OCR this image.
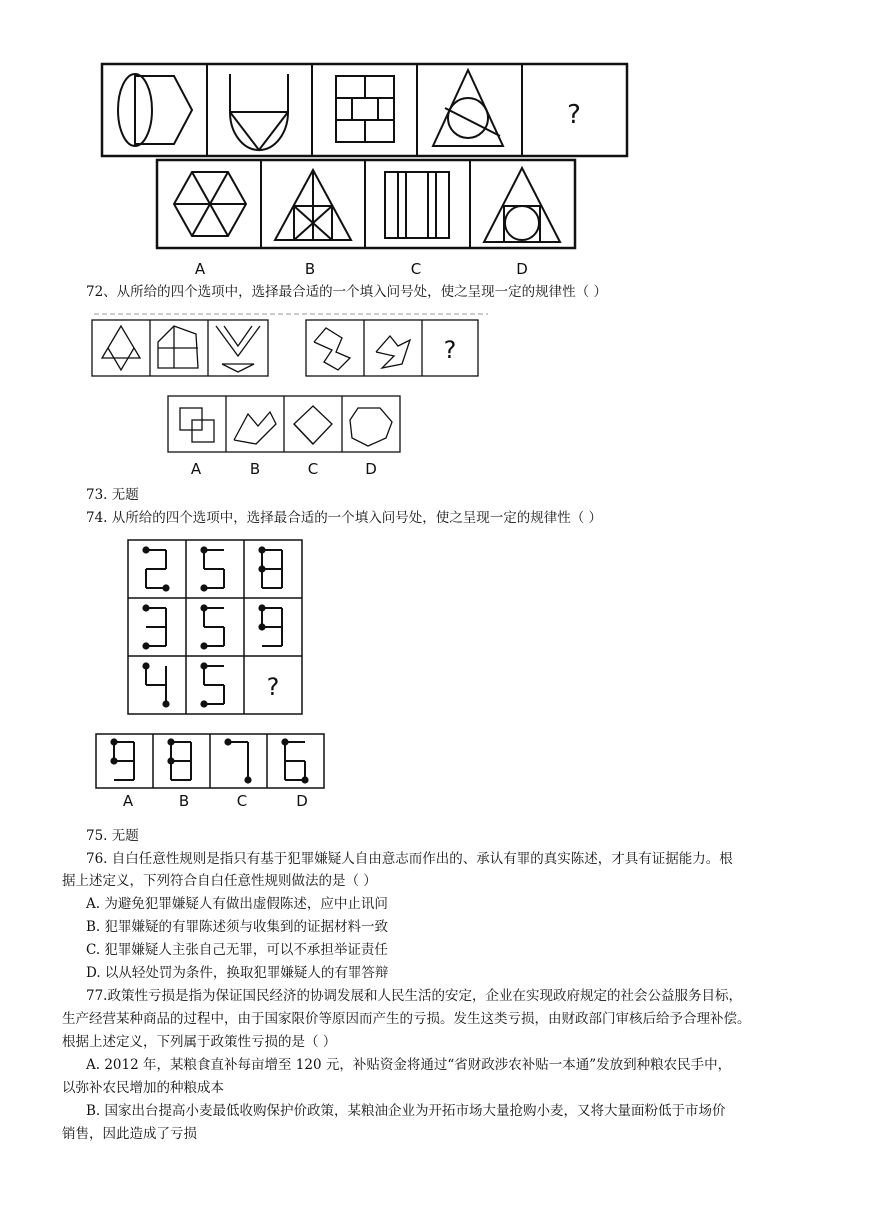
?
A	B	C	D
72、从所给的四个选项中，选择最合适的一个填入问号处，使之呈现一定的规律性（ ）
?
A	B	C	D
73. 无题
74. 从所给的四个选项中，选择最合适的一个填入问号处，使之呈现一定的规律性（ ）
?
A	B	C	D
75. 无题
76. 自白任意性规则是指只有基于犯罪嫌疑人自由意志而作出的、承认有罪的真实陈述，才具有证据能力。根
据上述定义，下列符合自白任意性规则做法的是（ ）
A. 为避免犯罪嫌疑人有做出虚假陈述，应中止讯问
B. 犯罪嫌疑的有罪陈述须与收集到的证据材料一致
C. 犯罪嫌疑人主张自己无罪，可以不承担举证责任
D. 以从轻处罚为条件，换取犯罪嫌疑人的有罪答辩
77.政策性亏损是指为保证国民经济的协调发展和人民生活的安定，企业在实现政府规定的社会公益服务目标，
生产经营某种商品的过程中，由于国家限价等原因而产生的亏损。发生这类亏损，由财政部门审核后给予合理补偿。
根据上述定义，下列属于政策性亏损的是（ ）
A. 2012 年，某粮食直补每亩增至 120 元，补贴资金将通过“省财政涉农补贴一本通”发放到种粮农民手中，
以弥补农民增加的种粮成本
B. 国家出台提高小麦最低收购保护价政策，某粮油企业为开拓市场大量抢购小麦，又将大量面粉低于市场价
销售，因此造成了亏损
